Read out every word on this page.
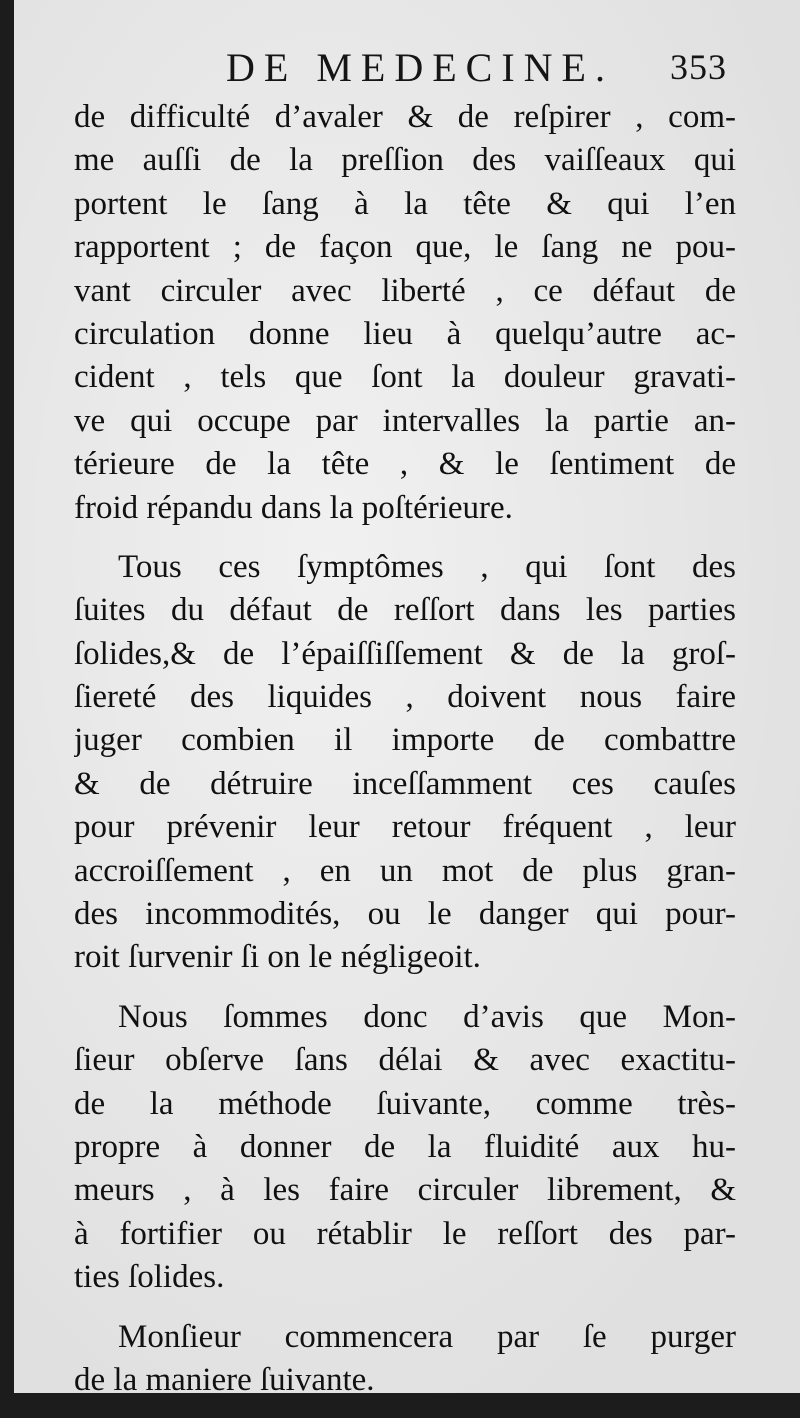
DE MEDECINE. 353
de difficulté d’avaler & de reſpirer , com-
me auſſi de la preſſion des vaiſſeaux qui
portent le ſang à la tête & qui l’en
rapportent ; de façon que, le ſang ne pou-
vant circuler avec liberté , ce défaut de
circulation donne lieu à quelqu’autre ac-
cident , tels que ſont la douleur gravati-
ve qui occupe par intervalles la partie an-
térieure de la tête , & le ſentiment de
froid répandu dans la poſtérieure.
Tous ces ſymptômes , qui ſont des
ſuites du défaut de reſſort dans les parties
ſolides,& de l’épaiſſiſſement & de la groſ-
ſiereté des liquides , doivent nous faire
juger combien il importe de combattre
& de détruire inceſſamment ces cauſes
pour prévenir leur retour fréquent , leur
accroiſſement , en un mot de plus gran-
des incommodités, ou le danger qui pour-
roit ſurvenir ſi on le négligeoit.
Nous ſommes donc d’avis que Mon-
ſieur obſerve ſans délai & avec exactitu-
de la méthode ſuivante, comme très-
propre à donner de la fluidité aux hu-
meurs , à les faire circuler librement, &
à fortifier ou rétablir le reſſort des par-
ties ſolides.
Monſieur commencera par ſe purger
de la maniere ſuivante.
